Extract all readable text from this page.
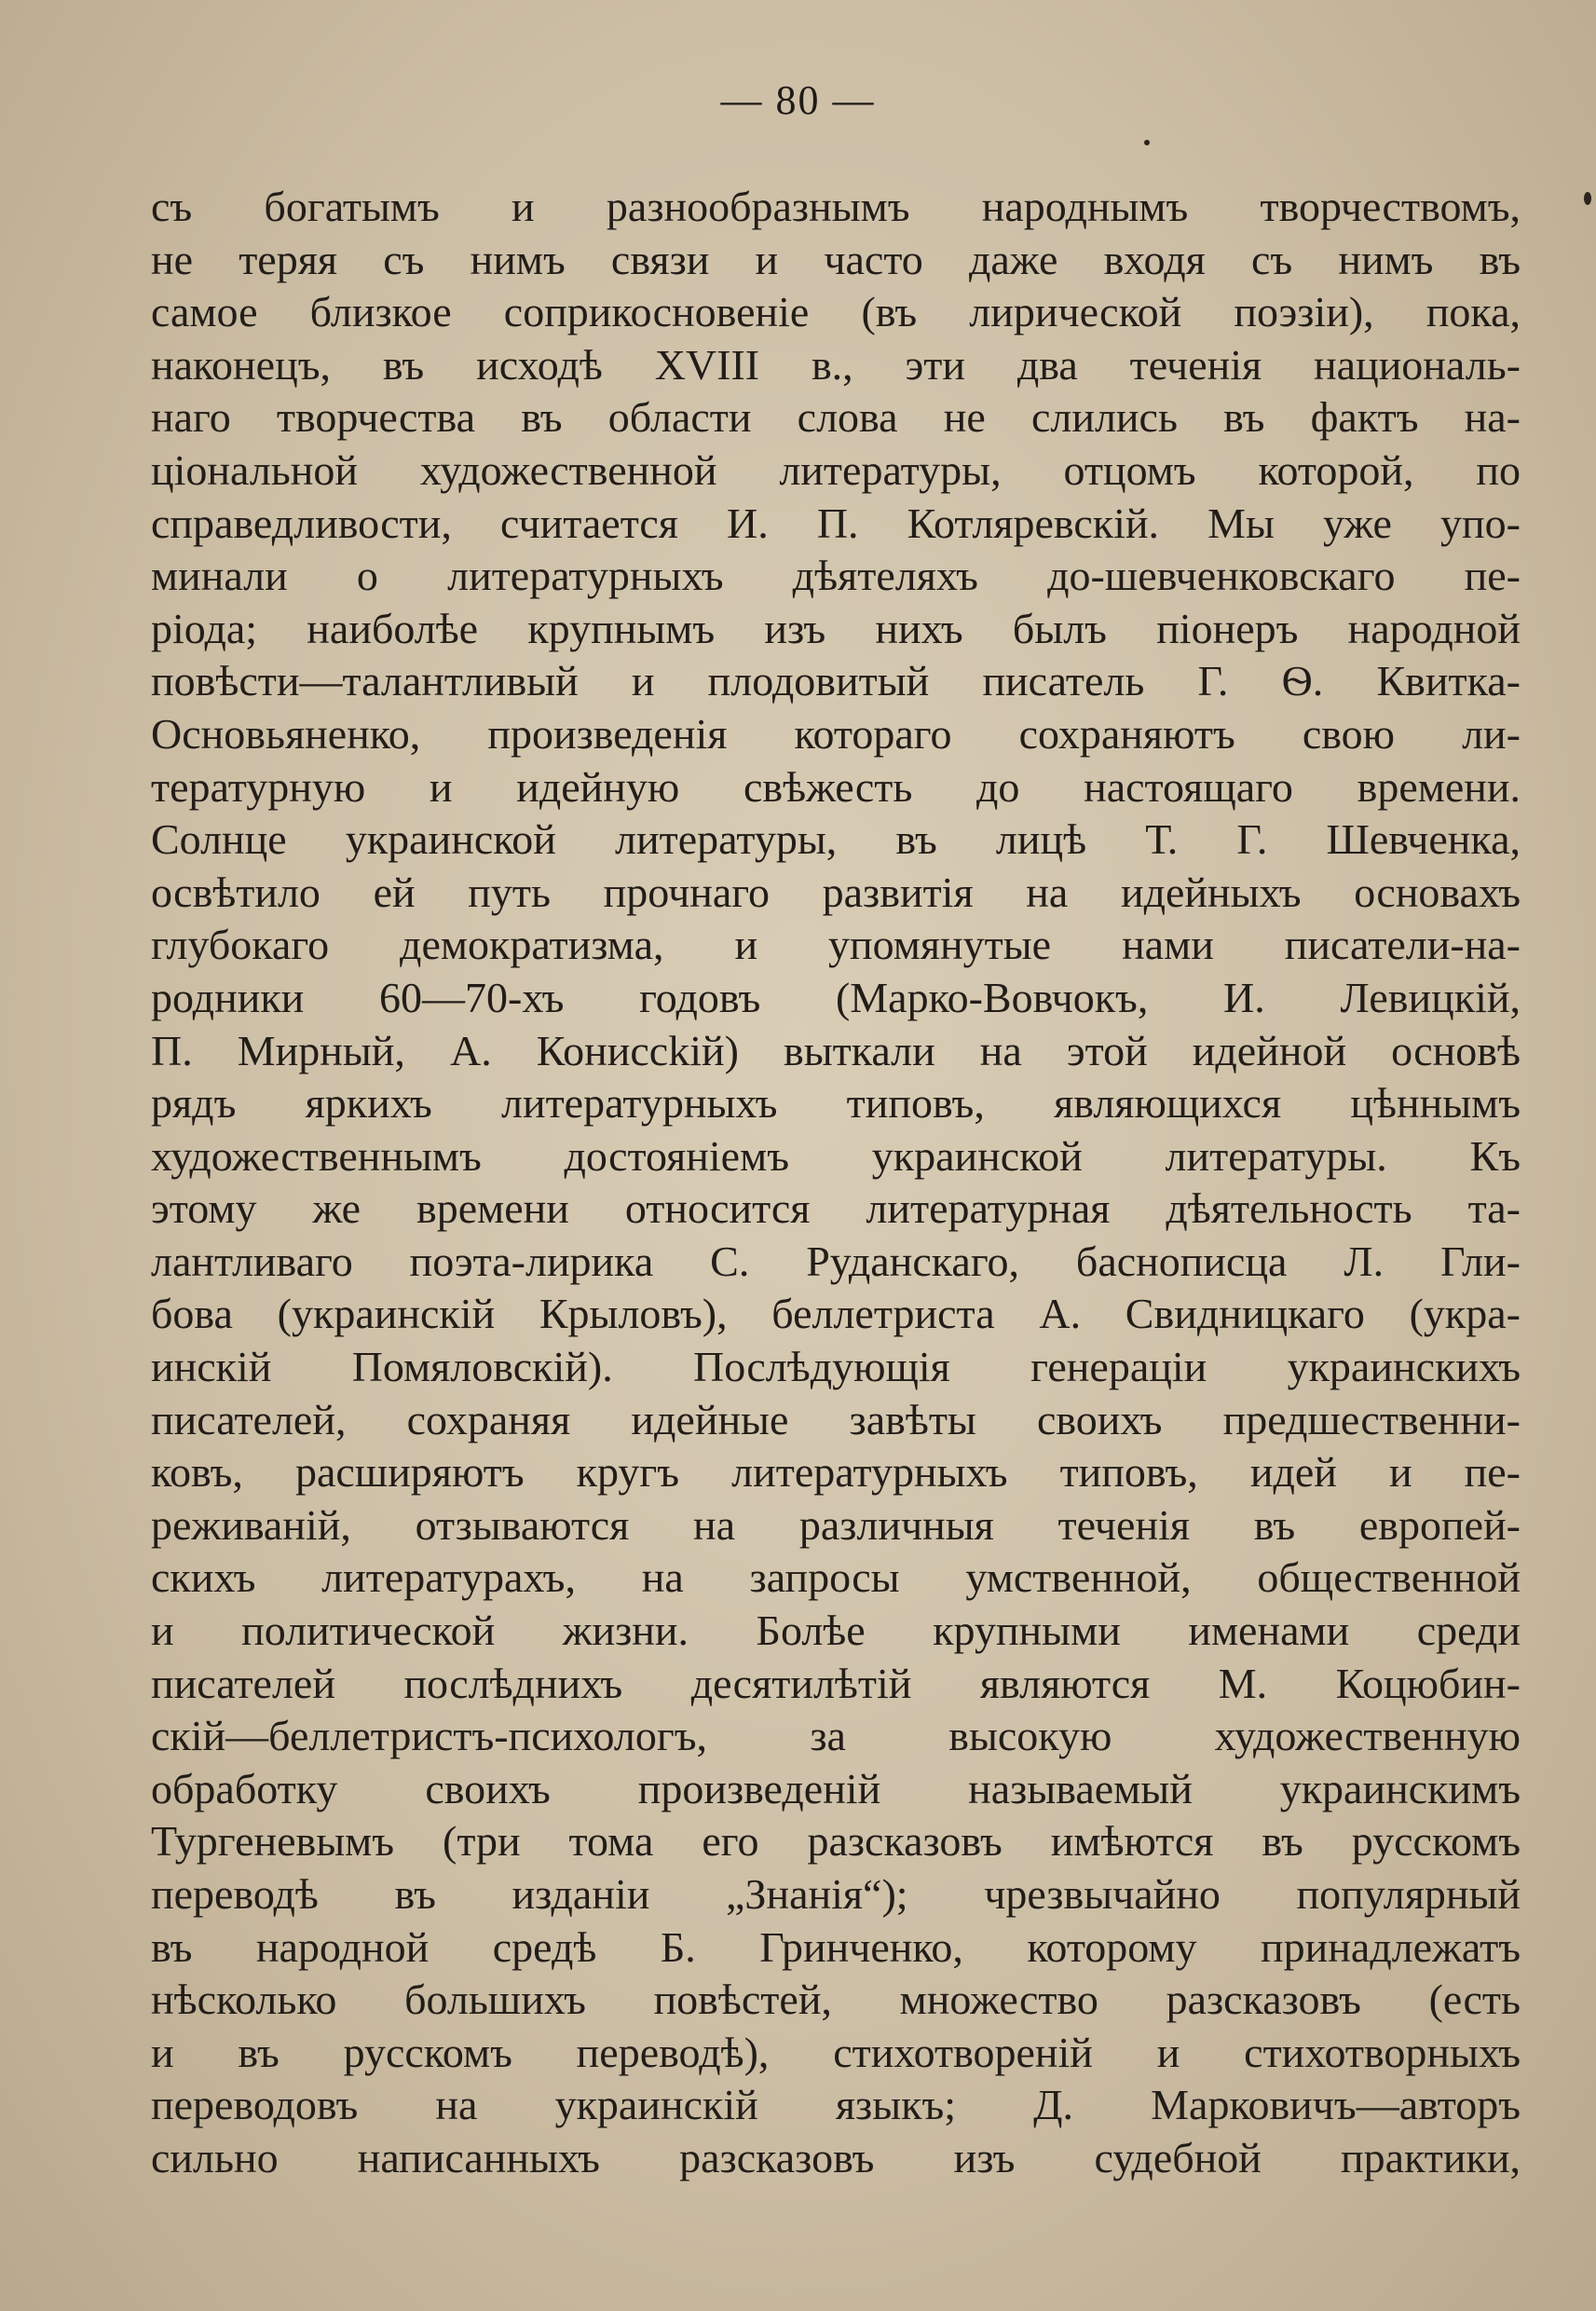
— 80 —
съ богатымъ и разнообразнымъ народнымъ творчествомъ,
не теряя съ нимъ связи и часто даже входя съ нимъ въ
самое близкое соприкосновеніе (въ лирической поэзіи), пока,
наконецъ, въ исходѣ XVIII в., эти два теченія националь-
наго творчества въ области слова не слились въ фактъ на-
ціональной художественной литературы, отцомъ которой, по
справедливости, считается И. П. Котляревскій. Мы уже упо-
минали о литературныхъ дѣятеляхъ до-шевченковскаго пе-
ріода; наиболѣе крупнымъ изъ нихъ былъ піонеръ народной
повѣсти—талантливый и плодовитый писатель Г. Ѳ. Квитка-
Основьяненко, произведенія котораго сохраняютъ свою ли-
тературную и идейную свѣжесть до настоящаго времени.
Солнце украинской литературы, въ лицѣ Т. Г. Шевченка,
освѣтило ей путь прочнаго развитія на идейныхъ основахъ
глубокаго демократизма, и упомянутые нами писатели-на-
родники 60—70-хъ годовъ (Марко-Вовчокъ, И. Левицкій,
П. Мирный, А. Кониссkій) выткали на этой идейной основѣ
рядъ яркихъ литературныхъ типовъ, являющихся цѣннымъ
художественнымъ достояніемъ украинской литературы. Къ
этому же времени относится литературная дѣятельность та-
лантливаго поэта-лирика С. Руданскаго, баснописца Л. Гли-
бова (украинскій Крыловъ), беллетриста А. Свидницкаго (укра-
инскій Помяловскій). Послѣдующія генераціи украинскихъ
писателей, сохраняя идейные завѣты своихъ предшественни-
ковъ, расширяютъ кругъ литературныхъ типовъ, идей и пе-
реживаній, отзываются на различныя теченія въ европей-
скихъ литературахъ, на запросы умственной, общественной
и политической жизни. Болѣе крупными именами среди
писателей послѣднихъ десятилѣтій являются М. Коцюбин-
скій—беллетристъ-психологъ, за высокую художественную
обработку своихъ произведеній называемый украинскимъ
Тургеневымъ (три тома его разсказовъ имѣются въ русскомъ
переводѣ въ изданіи „Знанія“); чрезвычайно популярный
въ народной средѣ Б. Гринченко, которому принадлежатъ
нѣсколько большихъ повѣстей, множество разсказовъ (есть
и въ русскомъ переводѣ), стихотвореній и стихотворныхъ
переводовъ на украинскій языкъ; Д. Марковичъ—авторъ
сильно написанныхъ разсказовъ изъ судебной практики,
